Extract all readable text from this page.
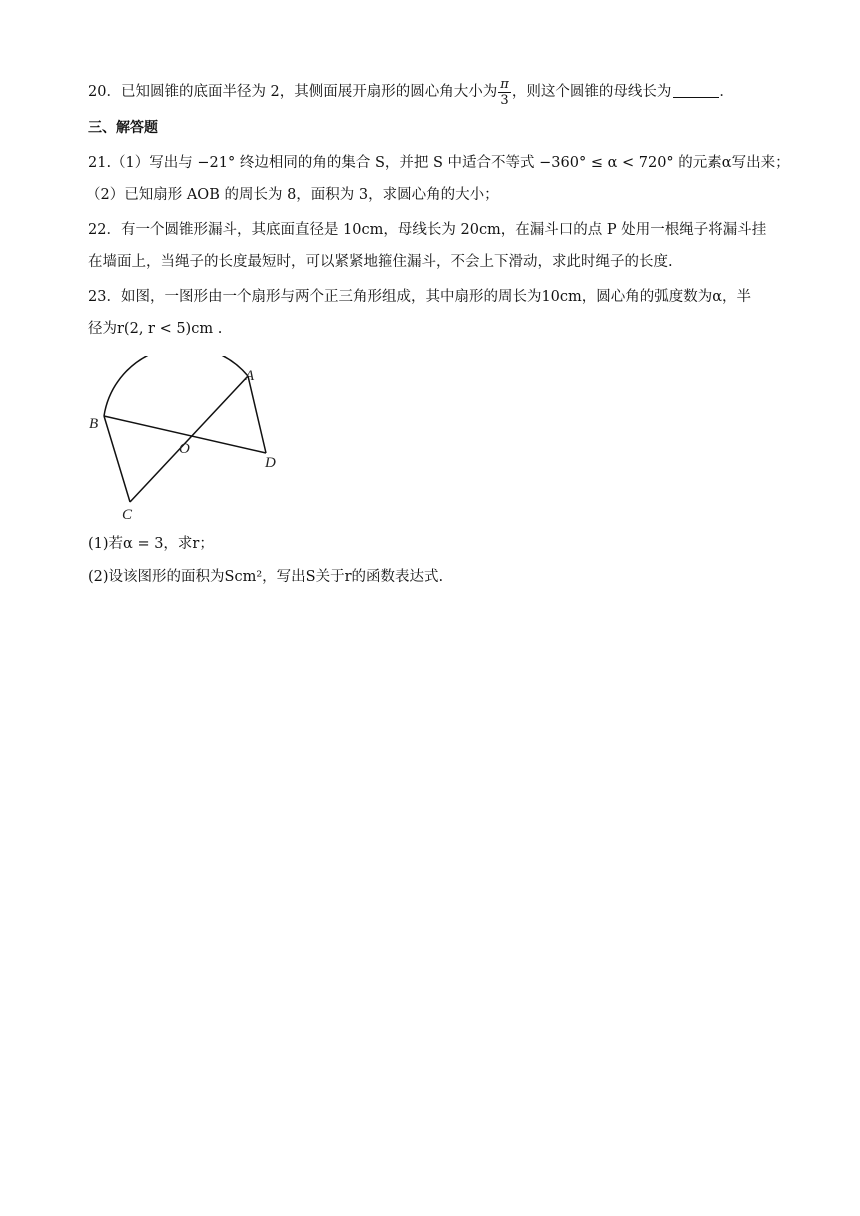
20．已知圆锥的底面半径为 2，其侧面展开扇形的圆心角大小为 $\frac{\pi}{3}$ ，则这个圆锥的母线长为	．
三、解答题
21.（1）写出与 −21° 终边相同的角的集合 S，并把 S 中适合不等式 −360° ≤ α < 720° 的元素α写出来；
（2）已知扇形 AOB 的周长为 8，面积为 3，求圆心角的大小；
22．有一个圆锥形漏斗，其底面直径是 10cm，母线长为 20cm，在漏斗口的点 P 处用一根绳子将漏斗挂
在墙面上，当绳子的长度最短时，可以紧紧地箍住漏斗，不会上下滑动，求此时绳子的长度.
23．如图，一图形由一个扇形与两个正三角形组成，其中扇形的周长为10cm，圆心角的弧度数为α，半
径为r(2, r < 5)cm .
A
B
O
D
C
(1)若α = 3，求r；
(2)设该图形的面积为Scm²，写出S关于r的函数表达式.
